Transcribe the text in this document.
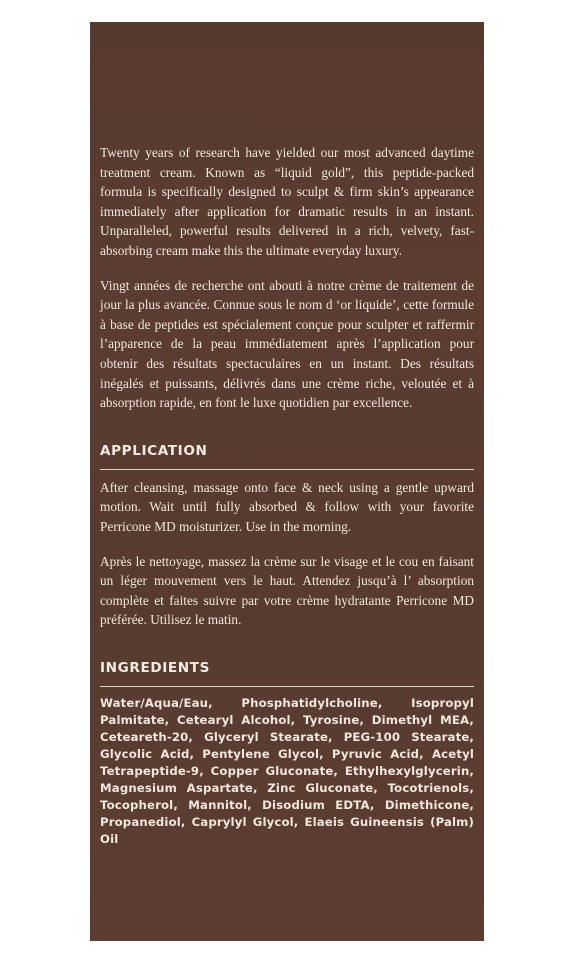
Twenty years of research have yielded our most advanced daytime treatment cream. Known as “liquid gold”, this peptide-packed formula is specifically designed to sculpt & firm skin’s appearance immediately after application for dramatic results in an instant. Unparalleled, powerful results delivered in a rich, velvety, fast-absorbing cream make this the ultimate everyday luxury.

Vingt années de recherche ont abouti à notre crème de traitement de jour la plus avancée. Connue sous le nom d ‘or liquide’, cette formule à base de peptides est spécialement conçue pour sculpter et raffermir l’apparence de la peau immédiatement après l’application pour obtenir des résultats spectaculaires en un instant. Des résultats inégalés et puissants, délivrés dans une crème riche, veloutée et à absorption rapide, en font le luxe quotidien par excellence.

APPLICATION

After cleansing, massage onto face & neck using a gentle upward motion. Wait until fully absorbed & follow with your favorite Perricone MD moisturizer. Use in the morning.

Après le nettoyage, massez la crème sur le visage et le cou en faisant un léger mouvement vers le haut. Attendez jusqu’à l’ absorption complète et faites suivre par votre crème hydratante Perricone MD préférée. Utilisez le matin.

INGREDIENTS

Water/Aqua/Eau, Phosphatidylcholine, Isopropyl Palmitate, Cetearyl Alcohol, Tyrosine, Dimethyl MEA, Ceteareth-20, Glyceryl Stearate, PEG-100 Stearate, Glycolic Acid, Pentylene Glycol, Pyruvic Acid, Acetyl Tetrapeptide-9, Copper Gluconate, Ethylhexylglycerin, Magnesium Aspartate, Zinc Gluconate, Tocotrienols, Tocopherol, Mannitol, Disodium EDTA, Dimethicone, Propanediol, Caprylyl Glycol, Elaeis Guineensis (Palm) Oil
